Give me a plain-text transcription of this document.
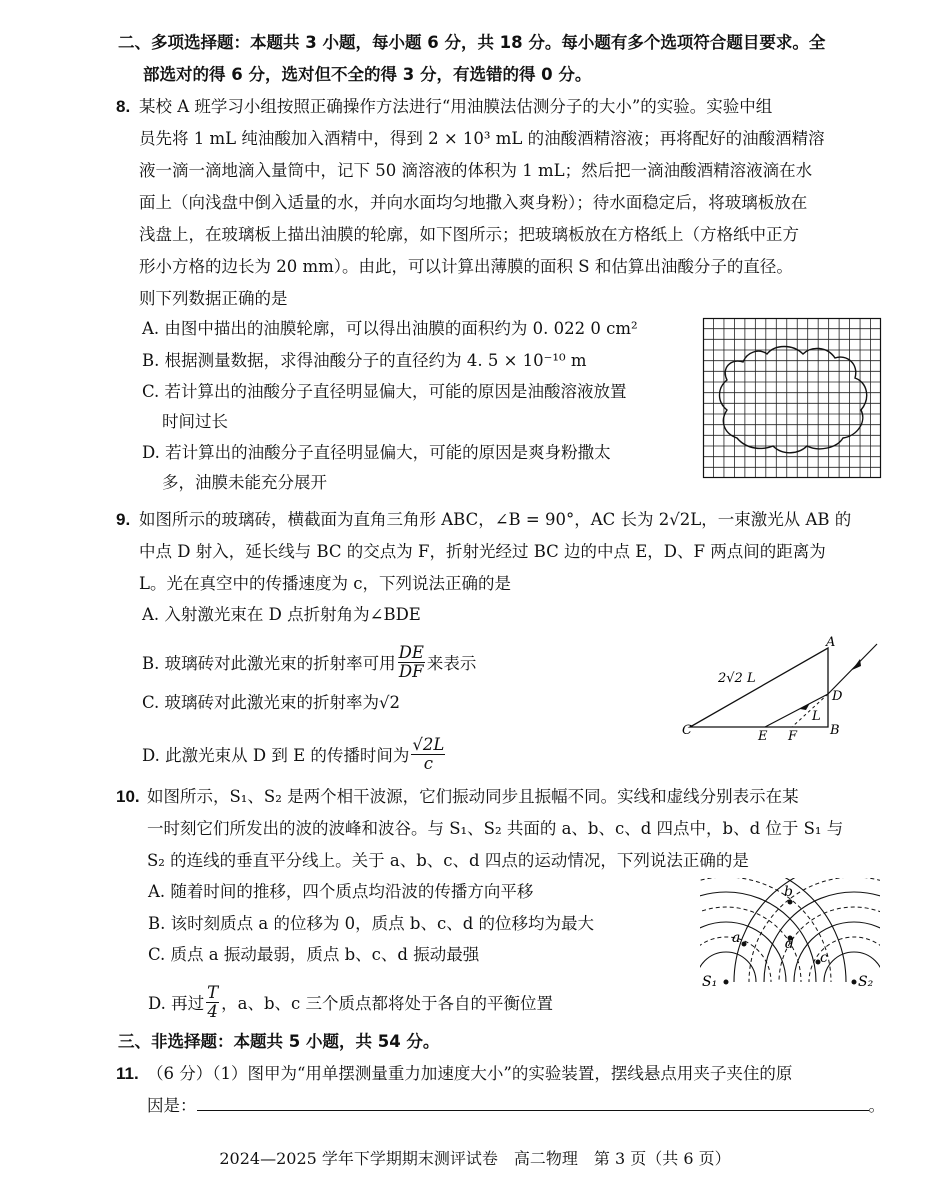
二、多项选择题：本题共 3 小题，每小题 6 分，共 18 分。每小题有多个选项符合题目要求。全
部选对的得 6 分，选对但不全的得 3 分，有选错的得 0 分。
8. 某校 A 班学习小组按照正确操作方法进行“用油膜法估测分子的大小”的实验。实验中组
员先将 1 mL 纯油酸加入酒精中，得到 2 × 10³ mL 的油酸酒精溶液；再将配好的油酸酒精溶
液一滴一滴地滴入量筒中，记下 50 滴溶液的体积为 1 mL；然后把一滴油酸酒精溶液滴在水
面上（向浅盘中倒入适量的水，并向水面均匀地撒入爽身粉）；待水面稳定后，将玻璃板放在
浅盘上，在玻璃板上描出油膜的轮廓，如下图所示；把玻璃板放在方格纸上（方格纸中正方
形小方格的边长为 20 mm）。由此，可以计算出薄膜的面积 S 和估算出油酸分子的直径。
则下列数据正确的是
A. 由图中描出的油膜轮廓，可以得出油膜的面积约为 0. 022 0 cm²
B. 根据测量数据，求得油酸分子的直径约为 4. 5 × 10⁻¹⁰ m
C. 若计算出的油酸分子直径明显偏大，可能的原因是油酸溶液放置
时间过长
D. 若计算出的油酸分子直径明显偏大，可能的原因是爽身粉撒太
多，油膜未能充分展开
9. 如图所示的玻璃砖，横截面为直角三角形 ABC，∠B = 90°，AC 长为 2√2L，一束激光从 AB 的
中点 D 射入，延长线与 BC 的交点为 F，折射光经过 BC 边的中点 E，D、F 两点间的距离为
L。光在真空中的传播速度为 c，下列说法正确的是
A. 入射激光束在 D 点折射角为∠BDE
B. 玻璃砖对此激光束的折射率可用 $\frac{DE}{DF}$ 来表示
C. 玻璃砖对此激光束的折射率为√2
D. 此激光束从 D 到 E 的传播时间为 $\frac{√2L}{c}$
C	B
A
D
E F
L
2√2 L
10. 如图所示，S₁、S₂ 是两个相干波源，它们振动同步且振幅不同。实线和虚线分别表示在某
一时刻它们所发出的波的波峰和波谷。与 S₁、S₂ 共面的 a、b、c、d 四点中，b、d 位于 S₁ 与
S₂ 的连线的垂直平分线上。关于 a、b、c、d 四点的运动情况，下列说法正确的是
A. 随着时间的推移，四个质点均沿波的传播方向平移
B. 该时刻质点 a 的位移为 0，质点 b、c、d 的位移均为最大
C. 质点 a 振动最弱，质点 b、c、d 振动最强
D. 再过 $\frac{T}{4}$ ，a、b、c 三个质点都将处于各自的平衡位置
b
d
a
c
S₁	S₂
三、非选择题：本题共 5 小题，共 54 分。
11. （6 分）（1）图甲为“用单摆测量重力加速度大小”的实验装置，摆线悬点用夹子夹住的原
因是：	。
2024—2025 学年下学期期末测评试卷　高二物理　第 3 页（共 6 页）
